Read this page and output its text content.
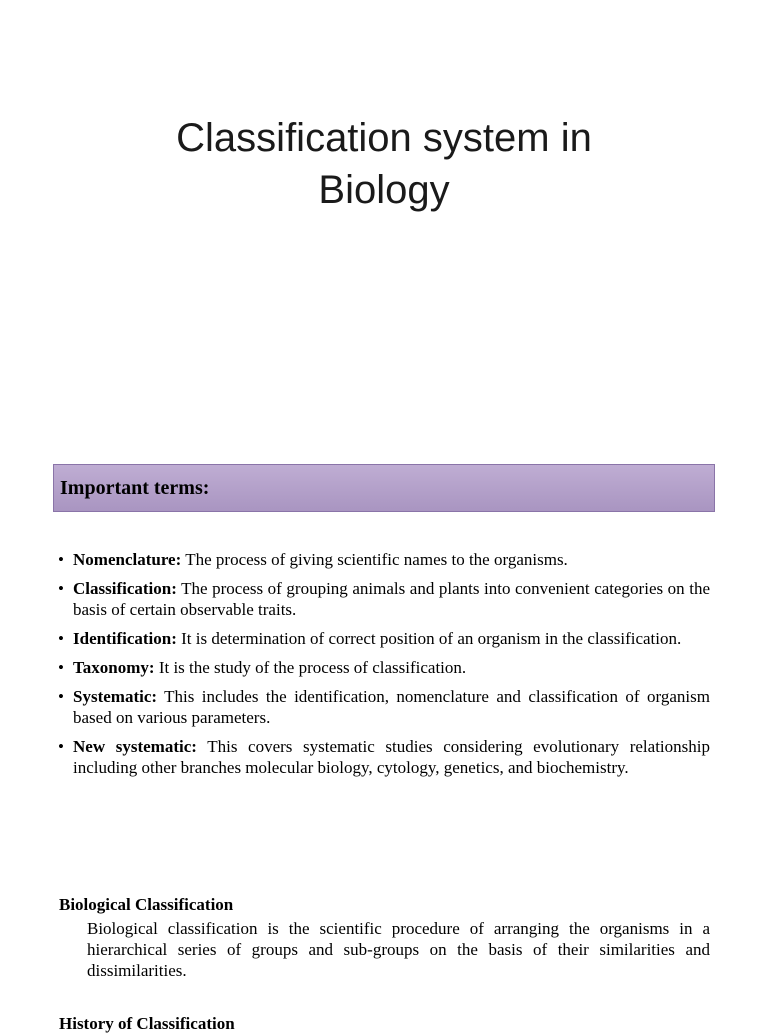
Classification system in
Biology
Important terms:
• Nomenclature: The process of giving scientific names to the organisms.
• Classification: The process of grouping animals and plants into convenient categories on the basis of certain observable traits.
• Identification: It is determination of correct position of an organism in the classification.
• Taxonomy: It is the study of the process of classification.
• Systematic: This includes the identification, nomenclature and classification of organism based on various parameters.
• New systematic: This covers systematic studies considering evolutionary relationship including other branches molecular biology, cytology, genetics, and biochemistry.
Biological Classification
Biological classification is the scientific procedure of arranging the organisms in a hierarchical series of groups and sub-groups on the basis of their similarities and dissimilarities.
History of Classification
